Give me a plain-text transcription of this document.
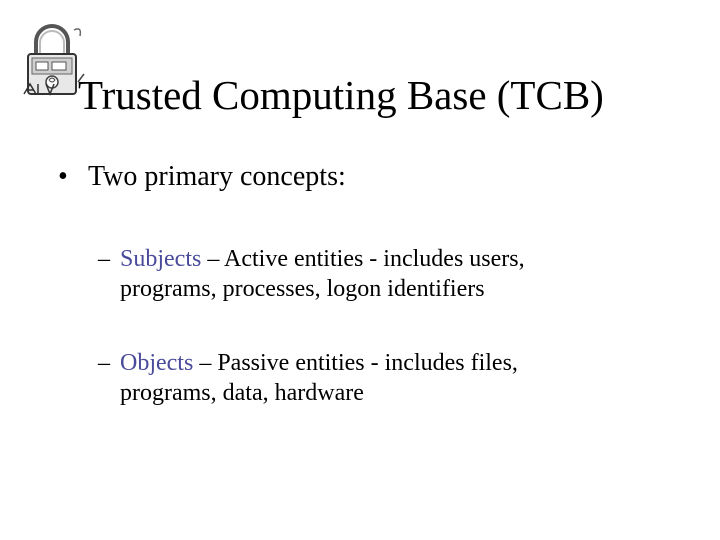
Trusted Computing Base (TCB)
• Two primary concepts:
– Subjects – Active entities - includes users,
programs, processes, logon identifiers
– Objects – Passive entities - includes files,
programs, data, hardware
